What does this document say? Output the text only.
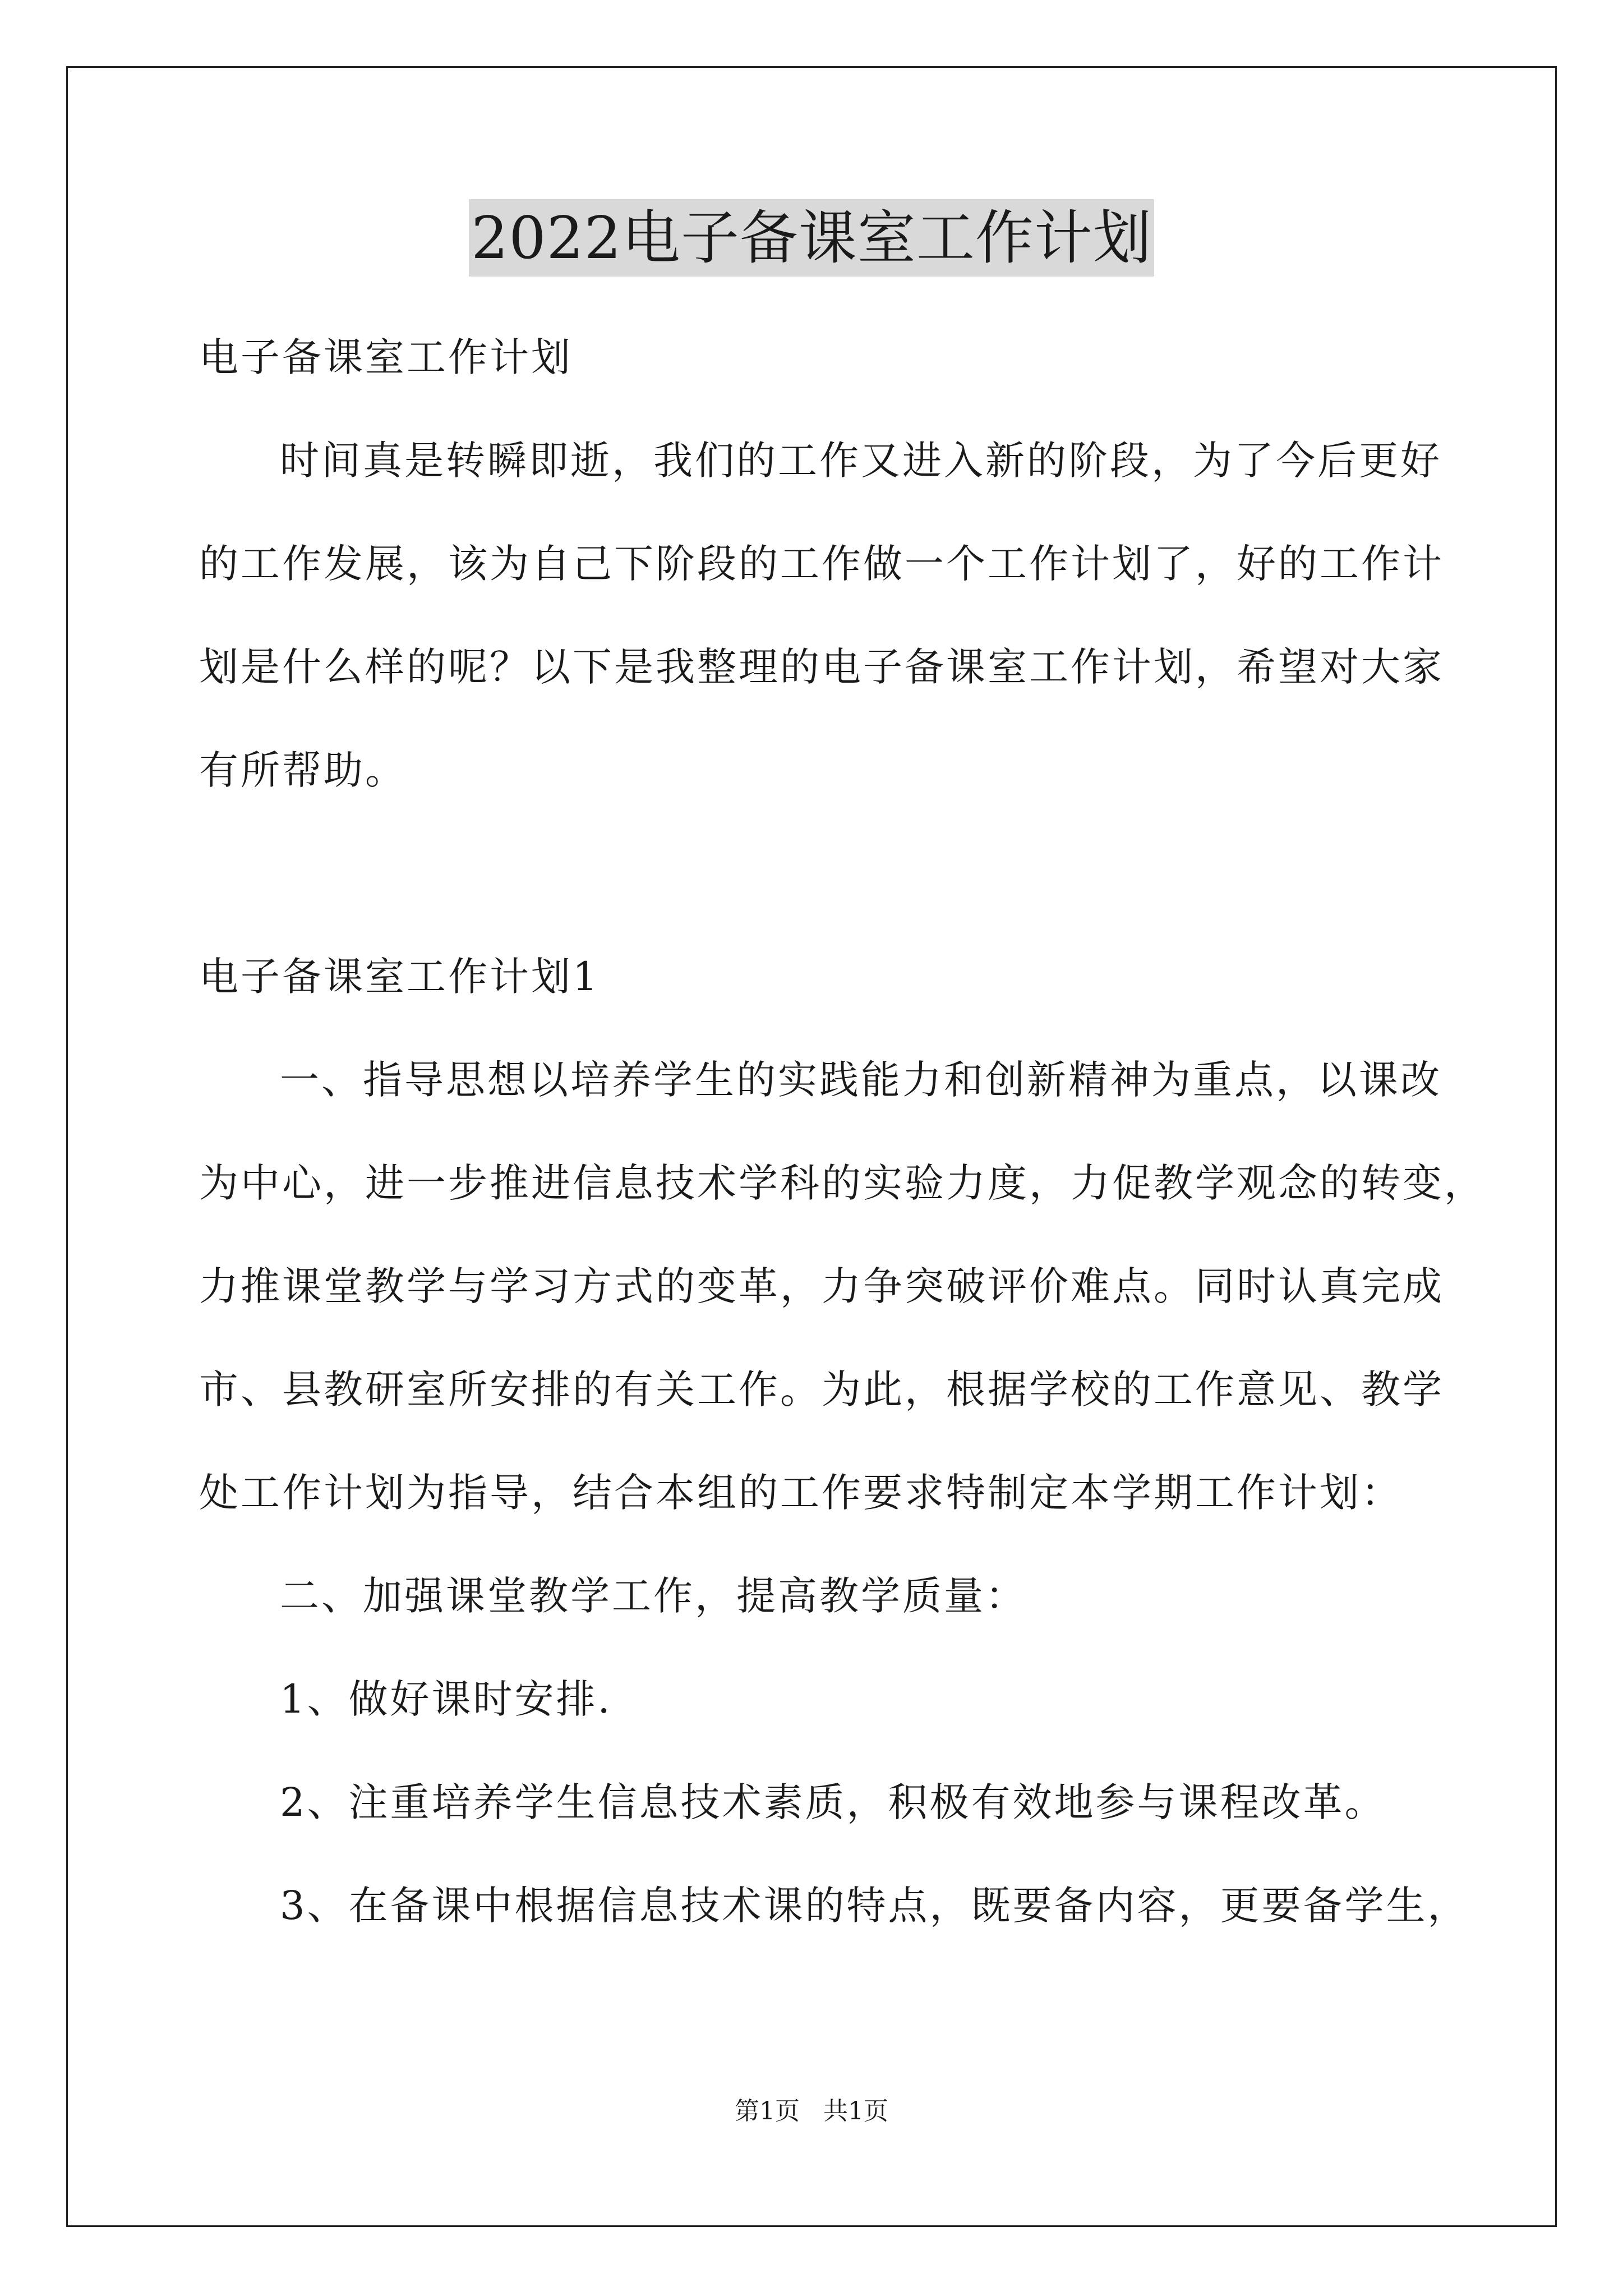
2022电子备课室工作计划
电子备课室工作计划
时间真是转瞬即逝，我们的工作又进入新的阶段，为了今后更好
的工作发展，该为自己下阶段的工作做一个工作计划了，好的工作计
划是什么样的呢？以下是我整理的电子备课室工作计划，希望对大家
有所帮助。
电子备课室工作计划1
一、指导思想以培养学生的实践能力和创新精神为重点，以课改
为中心，进一步推进信息技术学科的实验力度，力促教学观念的转变，
力推课堂教学与学习方式的变革，力争突破评价难点。同时认真完成
市、县教研室所安排的有关工作。为此，根据学校的工作意见、教学
处工作计划为指导，结合本组的工作要求特制定本学期工作计划：
二、加强课堂教学工作，提高教学质量：
1、做好课时安排.
2、注重培养学生信息技术素质，积极有效地参与课程改革。
3、在备课中根据信息技术课的特点，既要备内容，更要备学生，
第1页 共1页
